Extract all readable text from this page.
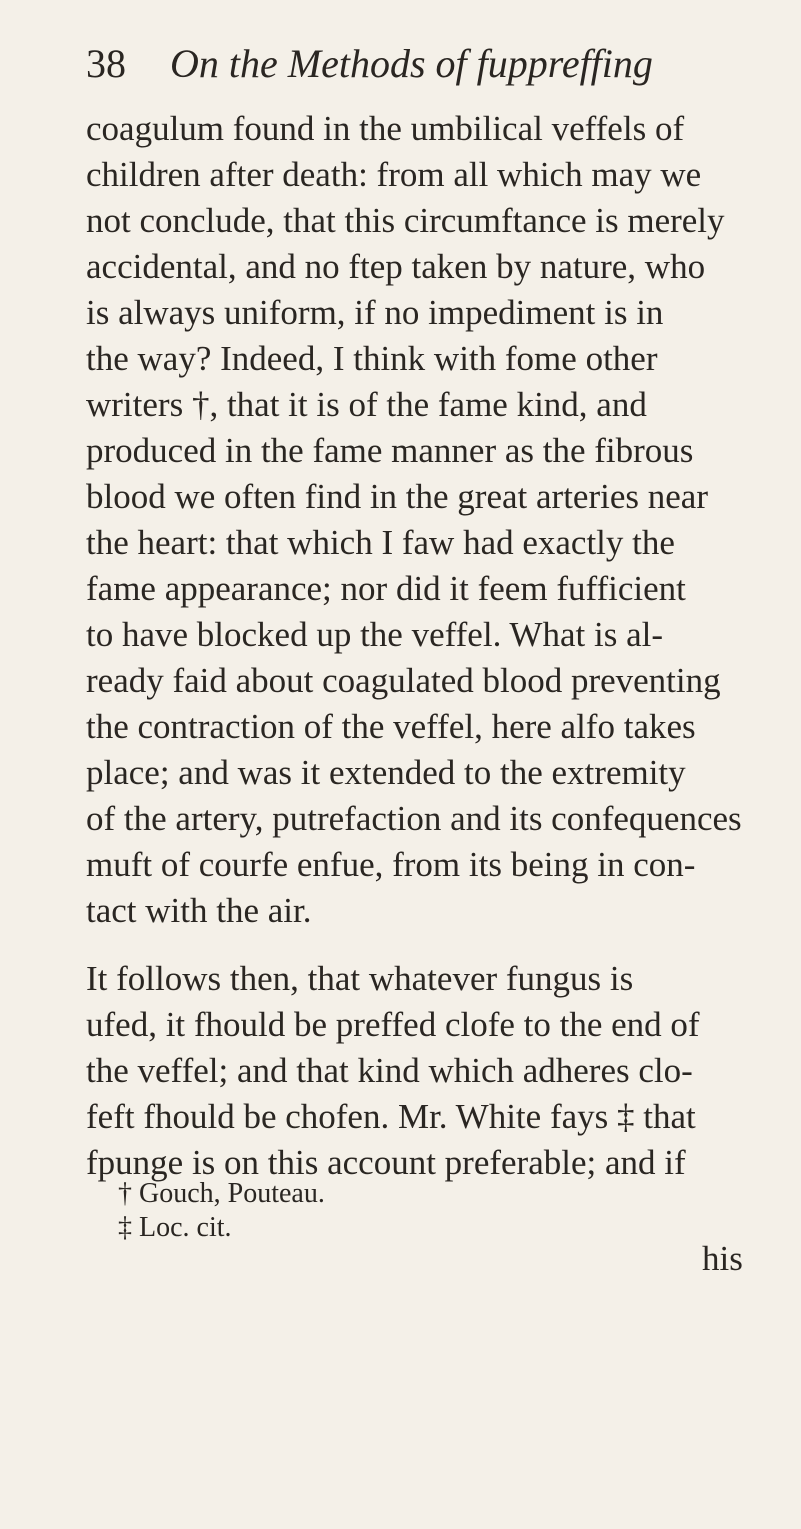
38 On the Methods of fuppreffing
coagulum found in the umbilical veffels of
children after death: from all which may we
not conclude, that this circumftance is merely
accidental, and no ftep taken by nature, who
is always uniform, if no impediment is in
the way? Indeed, I think with fome other
writers †, that it is of the fame kind, and
produced in the fame manner as the fibrous
blood we often find in the great arteries near
the heart: that which I faw had exactly the
fame appearance; nor did it feem fufficient
to have blocked up the veffel. What is al-
ready faid about coagulated blood preventing
the contraction of the veffel, here alfo takes
place; and was it extended to the extremity
of the artery, putrefaction and its confequences
muft of courfe enfue, from its being in con-
tact with the air.
It follows then, that whatever fungus is
ufed, it fhould be preffed clofe to the end of
the veffel; and that kind which adheres clo-
feft fhould be chofen. Mr. White fays ‡ that
fpunge is on this account preferable; and if
† Gouch, Pouteau.
‡ Loc. cit.
his
